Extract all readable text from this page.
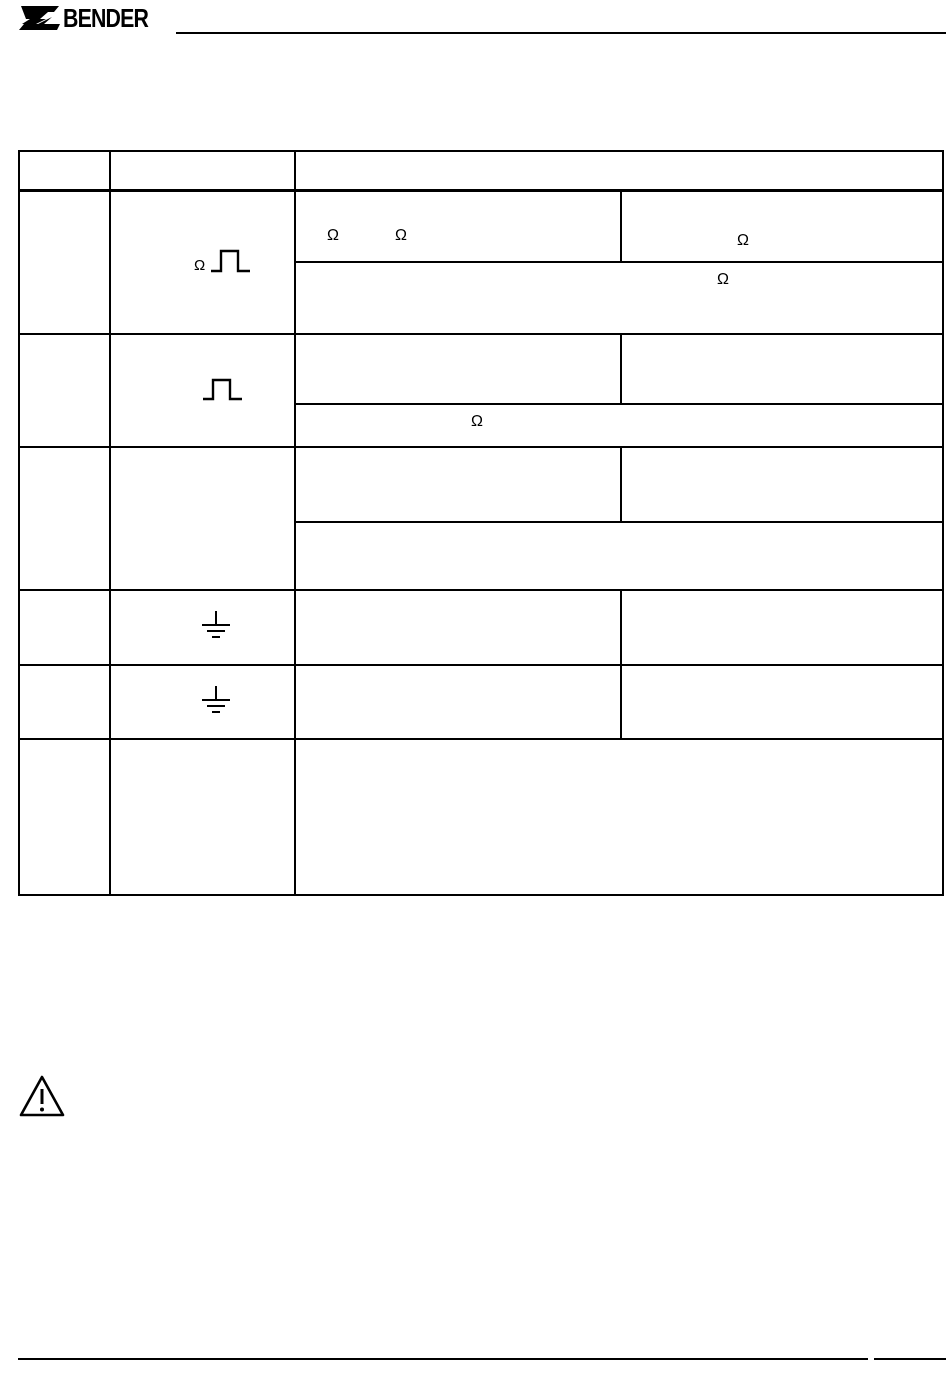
BENDER
Ω	Ω	Ω
Ω
Ω
Ω
